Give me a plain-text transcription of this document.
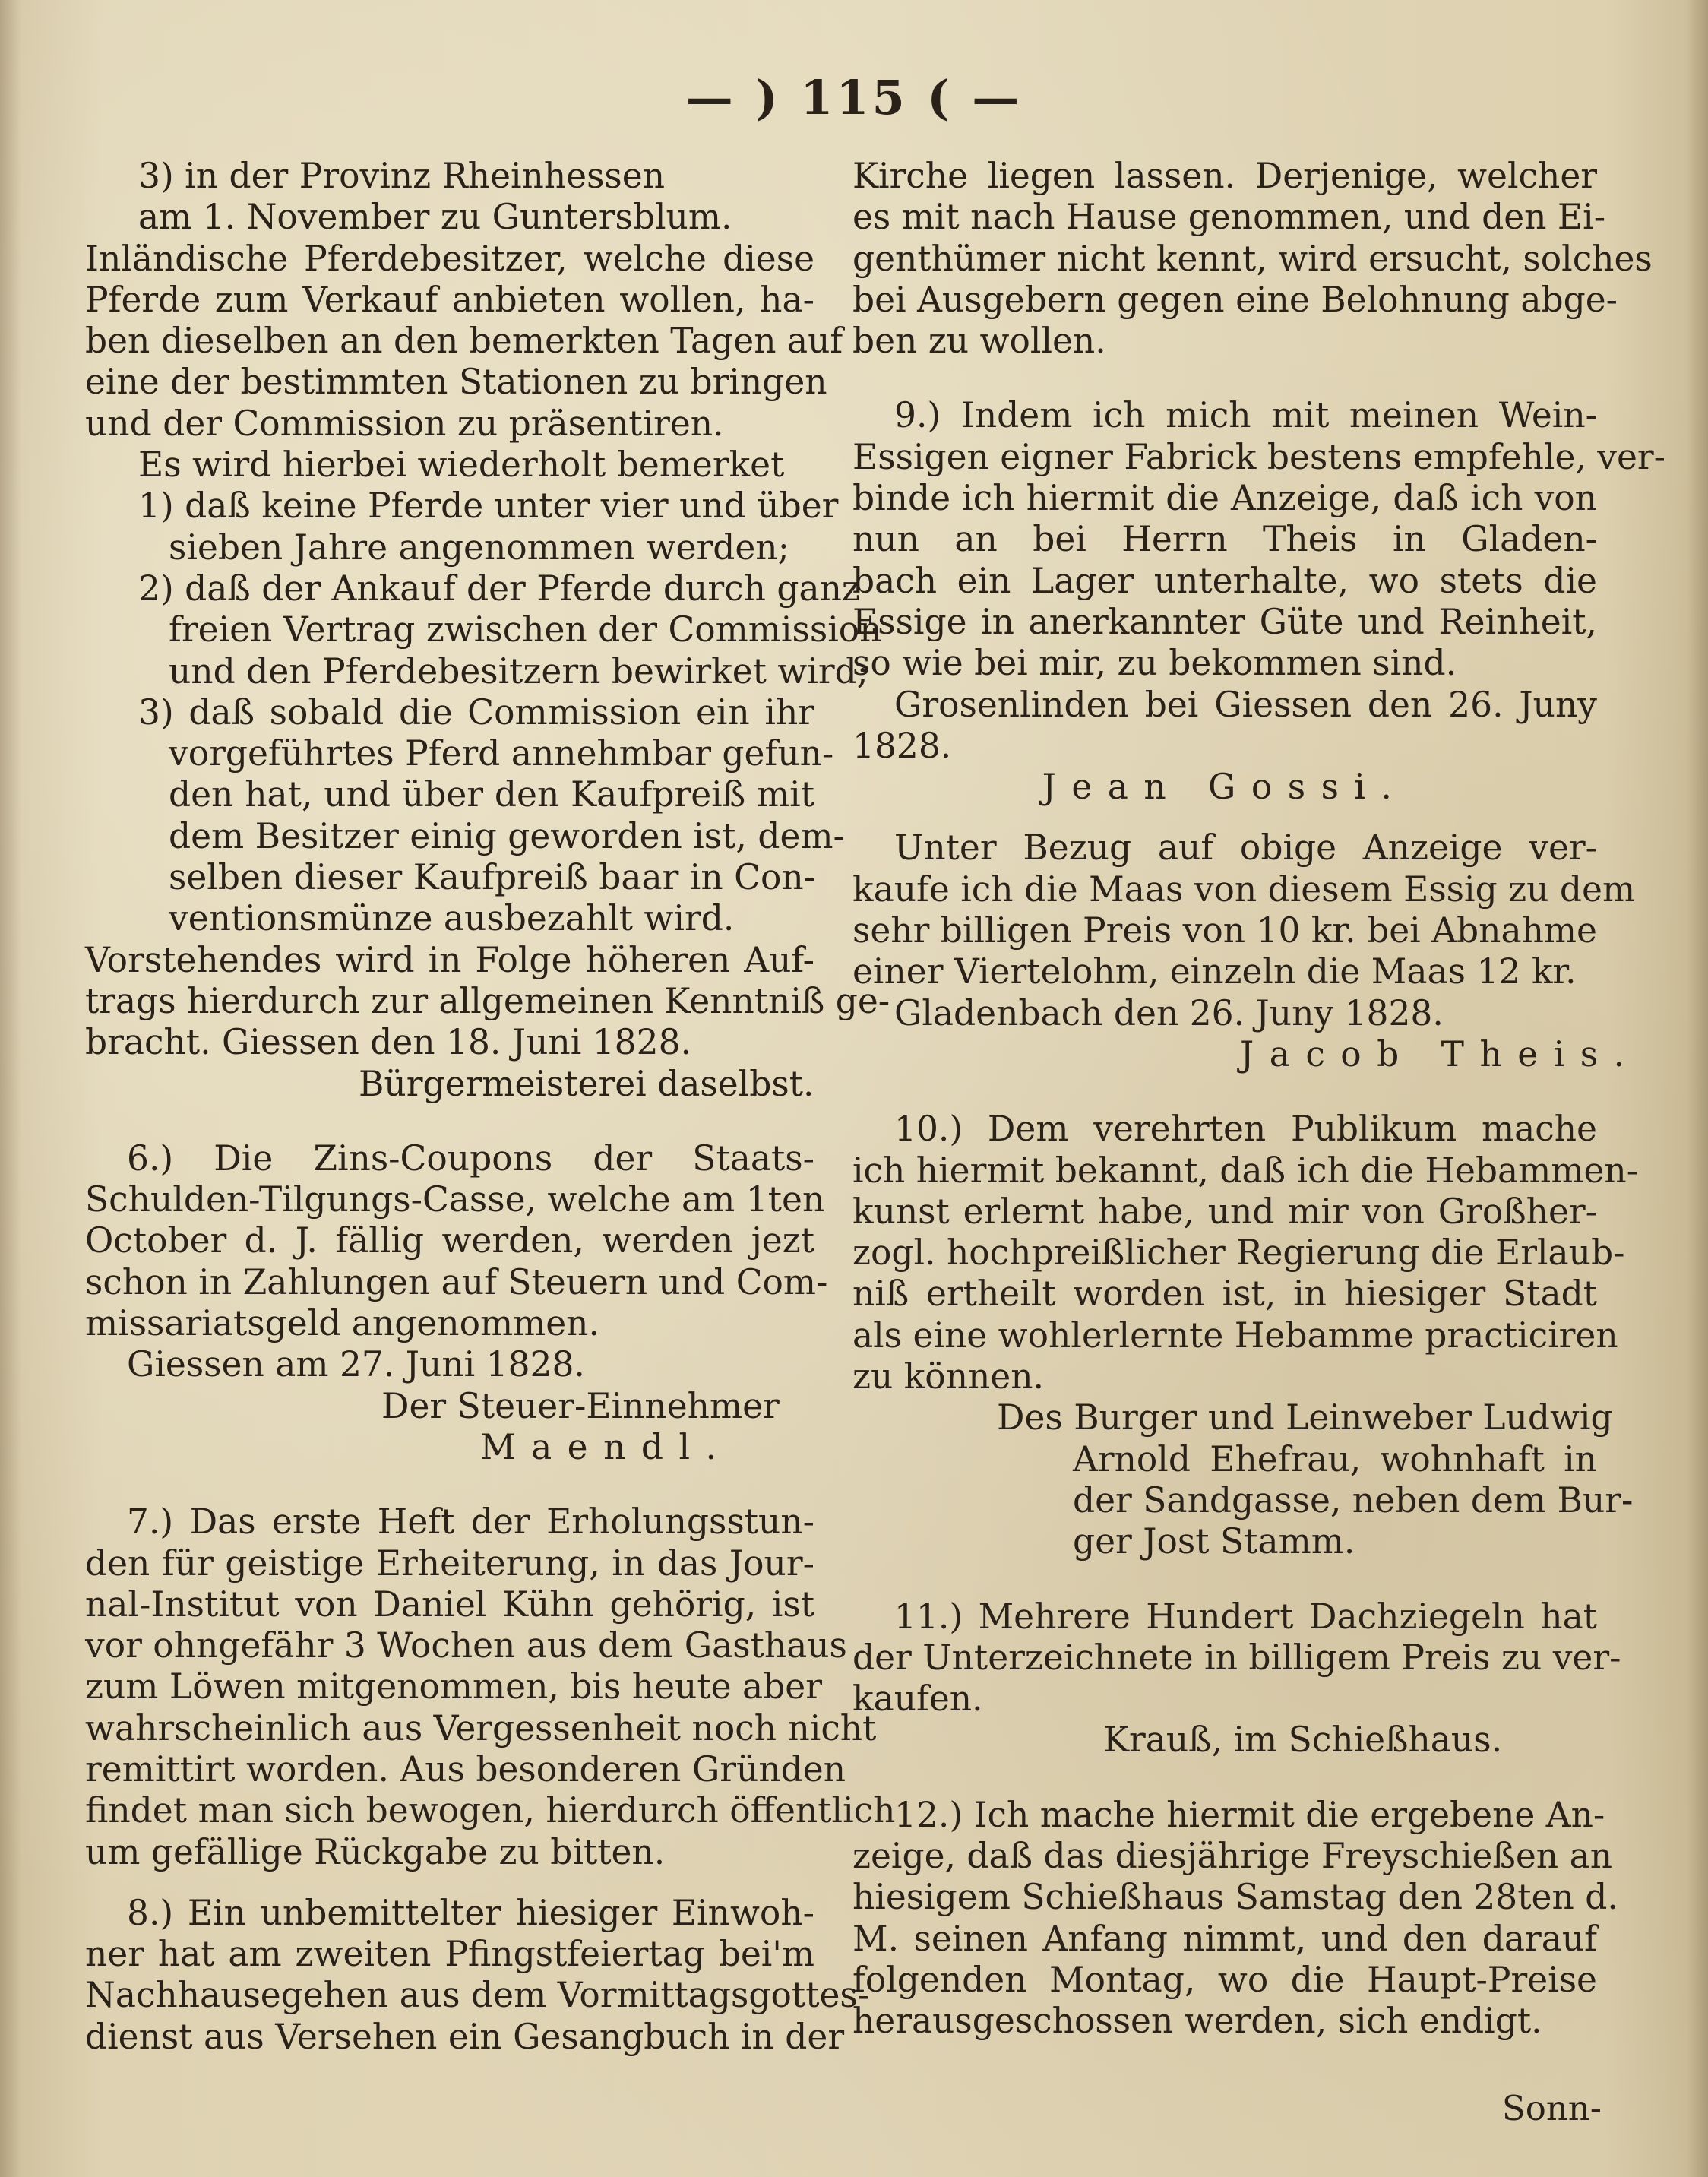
— ) 115 ( —
3) in der Provinz Rheinhessen
am 1. November zu Guntersblum.
Inländische Pferdebesitzer, welche diese
Pferde zum Verkauf anbieten wollen, ha-
ben dieselben an den bemerkten Tagen auf
eine der bestimmten Stationen zu bringen
und der Commission zu präsentiren.
Es wird hierbei wiederholt bemerket
1) daß keine Pferde unter vier und über
sieben Jahre angenommen werden;
2) daß der Ankauf der Pferde durch ganz
freien Vertrag zwischen der Commission
und den Pferdebesitzern bewirket wird;
3) daß sobald die Commission ein ihr
vorgeführtes Pferd annehmbar gefun-
den hat, und über den Kaufpreiß mit
dem Besitzer einig geworden ist, dem-
selben dieser Kaufpreiß baar in Con-
ventionsmünze ausbezahlt wird.
Vorstehendes wird in Folge höheren Auf-
trags hierdurch zur allgemeinen Kenntniß ge-
bracht. Giessen den 18. Juni 1828.
Bürgermeisterei daselbst.
6.) Die Zins-Coupons der Staats-
Schulden-Tilgungs-Casse, welche am 1ten
October d. J. fällig werden, werden jezt
schon in Zahlungen auf Steuern und Com-
missariatsgeld angenommen.
Giessen am 27. Juni 1828.
Der Steuer-Einnehmer
Maendl.
7.) Das erste Heft der Erholungsstun-
den für geistige Erheiterung, in das Jour-
nal-Institut von Daniel Kühn gehörig, ist
vor ohngefähr 3 Wochen aus dem Gasthaus
zum Löwen mitgenommen, bis heute aber
wahrscheinlich aus Vergessenheit noch nicht
remittirt worden. Aus besonderen Gründen
findet man sich bewogen, hierdurch öffentlich
um gefällige Rückgabe zu bitten.
8.) Ein unbemittelter hiesiger Einwoh-
ner hat am zweiten Pfingstfeiertag bei'm
Nachhausegehen aus dem Vormittagsgottes-
dienst aus Versehen ein Gesangbuch in der
Kirche liegen lassen. Derjenige, welcher
es mit nach Hause genommen, und den Ei-
genthümer nicht kennt, wird ersucht, solches
bei Ausgebern gegen eine Belohnung abge-
ben zu wollen.
9.) Indem ich mich mit meinen Wein-
Essigen eigner Fabrick bestens empfehle, ver-
binde ich hiermit die Anzeige, daß ich von
nun an bei Herrn Theis in Gladen-
bach ein Lager unterhalte, wo stets die
Essige in anerkannter Güte und Reinheit,
so wie bei mir, zu bekommen sind.
Grosenlinden bei Giessen den 26. Juny
1828.
Jean Gossi.
Unter Bezug auf obige Anzeige ver-
kaufe ich die Maas von diesem Essig zu dem
sehr billigen Preis von 10 kr. bei Abnahme
einer Viertelohm, einzeln die Maas 12 kr.
Gladenbach den 26. Juny 1828.
Jacob Theis.
10.) Dem verehrten Publikum mache
ich hiermit bekannt, daß ich die Hebammen-
kunst erlernt habe, und mir von Großher-
zogl. hochpreißlicher Regierung die Erlaub-
niß ertheilt worden ist, in hiesiger Stadt
als eine wohlerlernte Hebamme practiciren
zu können.
Des Burger und Leinweber Ludwig
Arnold Ehefrau, wohnhaft in
der Sandgasse, neben dem Bur-
ger Jost Stamm.
11.) Mehrere Hundert Dachziegeln hat
der Unterzeichnete in billigem Preis zu ver-
kaufen.
Krauß, im Schießhaus.
12.) Ich mache hiermit die ergebene An-
zeige, daß das diesjährige Freyschießen an
hiesigem Schießhaus Samstag den 28ten d.
M. seinen Anfang nimmt, und den darauf
folgenden Montag, wo die Haupt-Preise
herausgeschossen werden, sich endigt.
Sonn-
